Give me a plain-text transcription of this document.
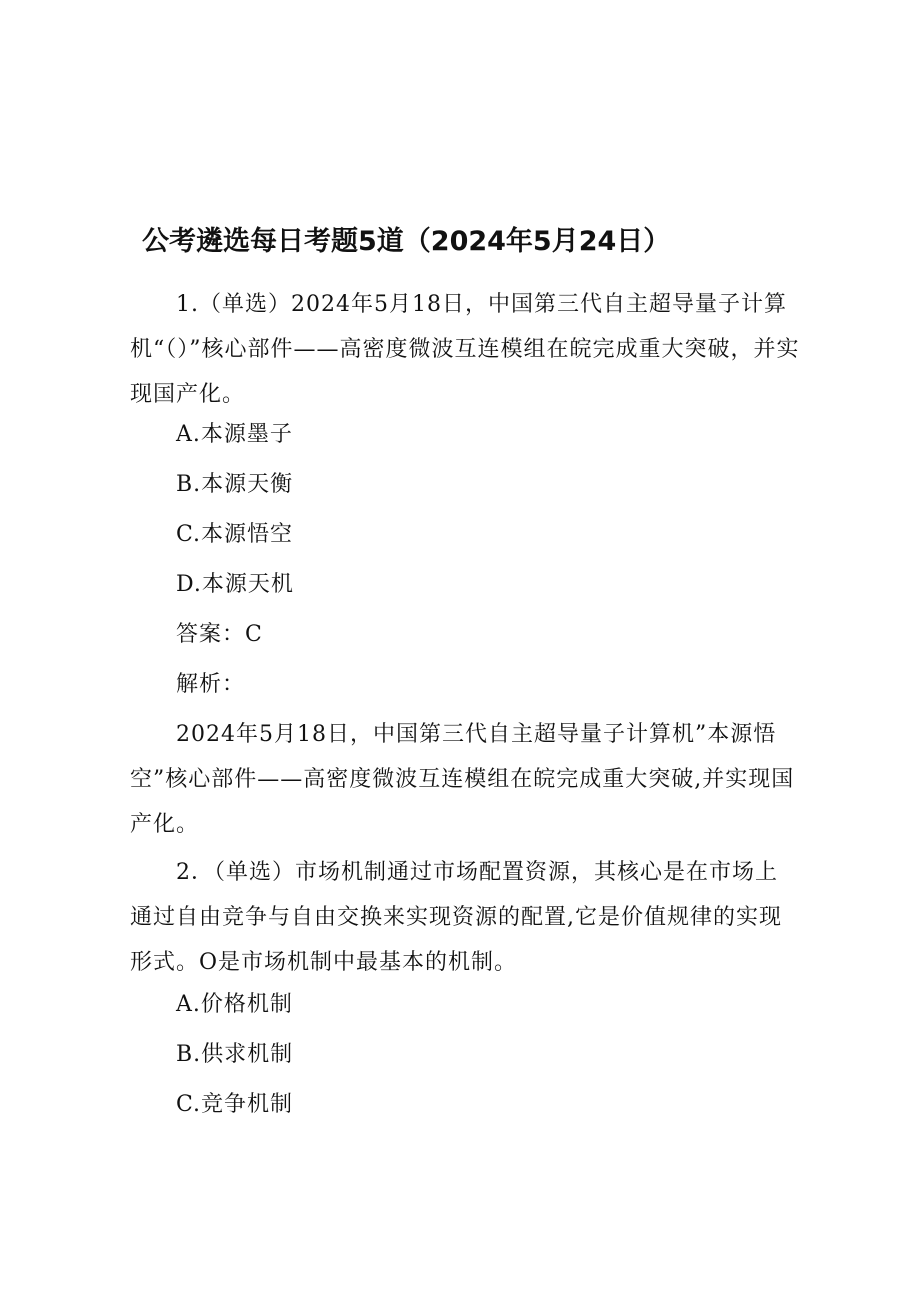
公考遴选每日考题5道（2024年5月24日）

1.（单选）2024年5月18日，中国第三代自主超导量子计算机“（）”核心部件——高密度微波互连模组在皖完成重大突破，并实现国产化。

A.本源墨子

B.本源天衡

C.本源悟空

D.本源天机

答案：C

解析：

2024年5月18日，中国第三代自主超导量子计算机”本源悟空”核心部件——高密度微波互连模组在皖完成重大突破,并实现国产化。

2．（单选）市场机制通过市场配置资源，其核心是在市场上通过自由竞争与自由交换来实现资源的配置,它是价值规律的实现形式。O是市场机制中最基本的机制。

A.价格机制

B.供求机制

C.竞争机制
